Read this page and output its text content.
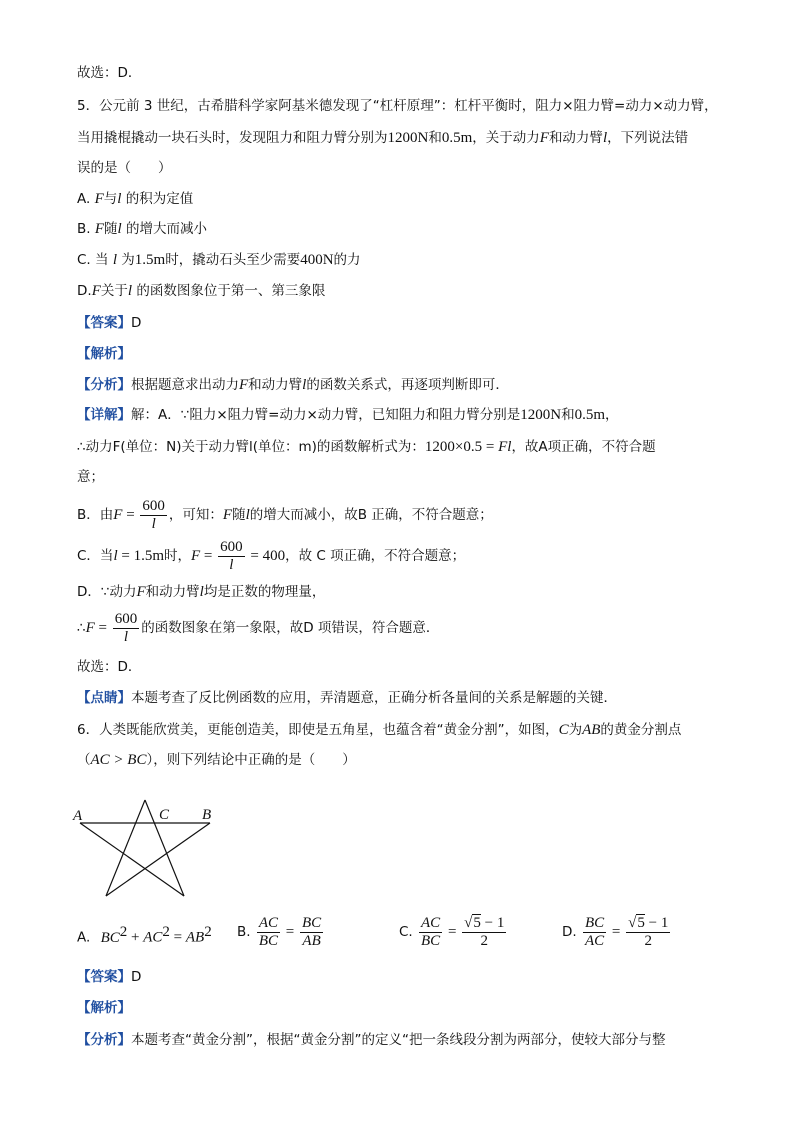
故选：D．
5．公元前 3 世纪，古希腊科学家阿基米德发现了“杠杆原理”：杠杆平衡时，阻力×阻力臂=动力×动力臂，
当用撬棍撬动一块石头时，发现阻力和阻力臂分别为1200N和0.5m，关于动力F和动力臂l，下列说法错
误的是（　　）
A. F与l 的积为定值
B. F随l 的增大而减小
C. 当 l 为1.5m时，撬动石头至少需要400N的力
D.F关于l 的函数图象位于第一、第三象限
【答案】D
【解析】
【分析】根据题意求出动力F和动力臂l的函数关系式，再逐项判断即可．
【详解】解：A．∵阻力×阻力臂=动力×动力臂，已知阻力和阻力臂分别是1200N和0.5m，
∴动力F(单位：N)关于动力臂l(单位：m)的函数解析式为：1200×0.5 = Fl，故A项正确，不符合题
意；
B．由$F = \frac{600}{l}$ ，可知：F随l的增大而减小，故B 正确，不符合题意；
C．当l = 1.5m时，$F = \frac{600}{l} = 400$，故 C 项正确，不符合题意；
D．∵动力F和动力臂l均是正数的物理量，
∴F = $\frac{600}{l}$ 的函数图象在第一象限，故D 项错误，符合题意．
故选：D．
【点睛】本题考查了反比例函数的应用，弄清题意，正确分析各量间的关系是解题的关键．
6．人类既能欣赏美，更能创造美，即使是五角星，也蕴含着“黄金分割”，如图，C为AB的黄金分割点
（AC > BC），则下列结论中正确的是（　　）
A	C B
A. $BC^2 + AC^2 = AB^2$ B. $\frac{AC}{BC} = \frac{BC}{AB}$	C. $\frac{AC}{BC} = \frac{√5 - 1}{2}$	D. $\frac{BC}{AC} = \frac{√5 - 1}{2}$
【答案】D
【解析】
【分析】本题考查“黄金分割”，根据“黄金分割”的定义“把一条线段分割为两部分，使较大部分与整
